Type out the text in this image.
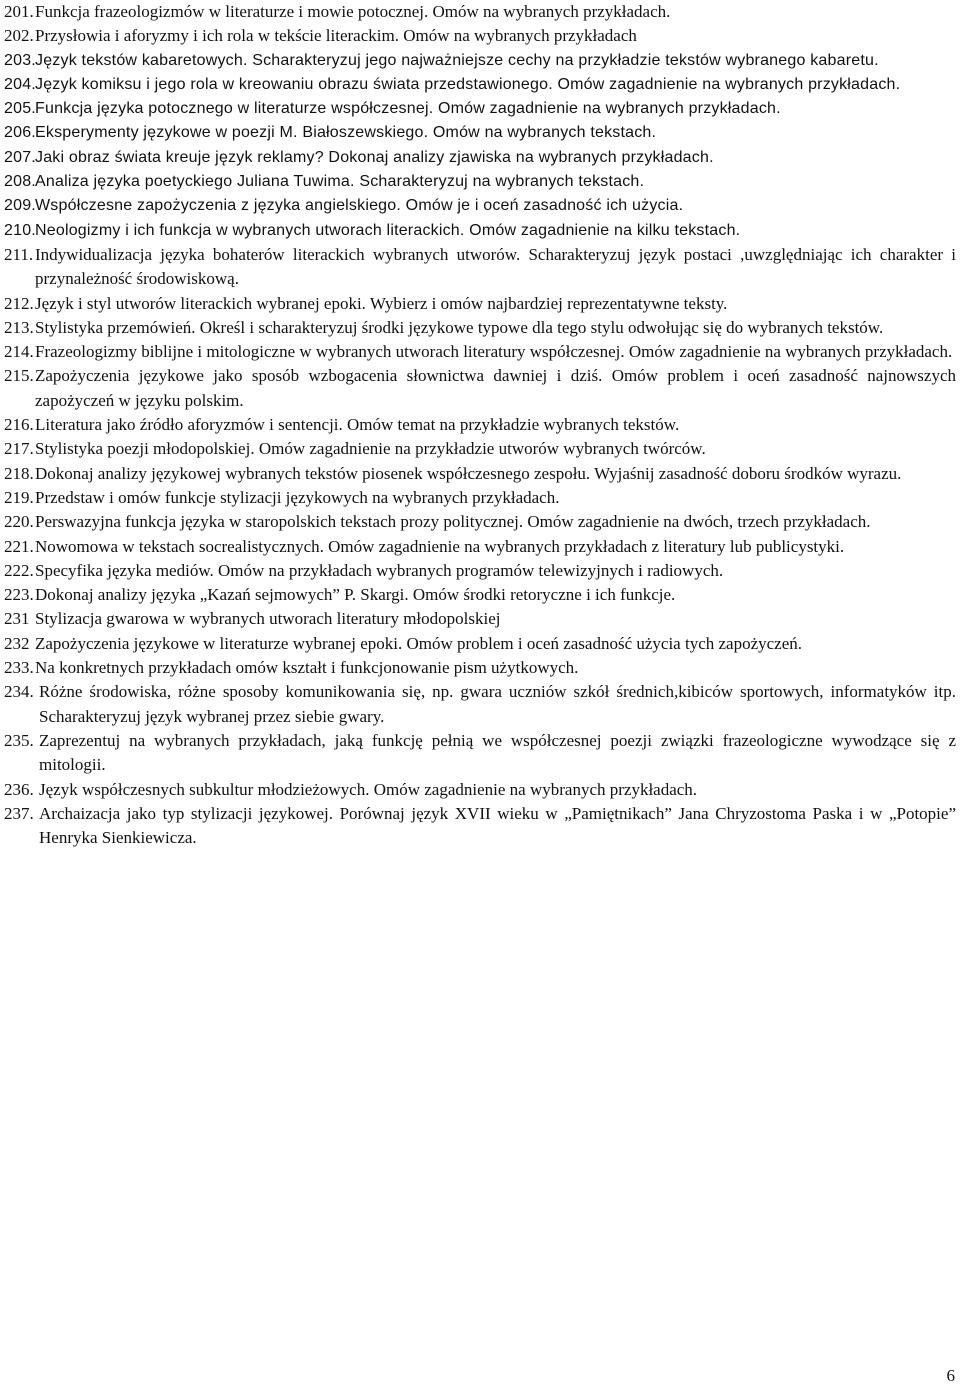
201.Funkcja frazeologizmów w literaturze i mowie potocznej. Omów na wybranych przykładach.
202.Przysłowia i aforyzmy i ich rola w tekście literackim. Omów na wybranych przykładach
203.Język tekstów kabaretowych. Scharakteryzuj jego najważniejsze cechy na przykładzie tekstów wybranego kabaretu.
204.Język komiksu i jego rola w kreowaniu obrazu świata przedstawionego. Omów zagadnienie na wybranych przykładach.
205.Funkcja języka potocznego w literaturze współczesnej. Omów zagadnienie na wybranych przykładach.
206.Eksperymenty językowe w poezji M. Białoszewskiego. Omów na wybranych tekstach.
207.Jaki obraz świata kreuje język reklamy? Dokonaj analizy zjawiska na wybranych przykładach.
208.Analiza języka poetyckiego Juliana Tuwima. Scharakteryzuj na wybranych tekstach.
209.Współczesne zapożyczenia z języka angielskiego. Omów je i oceń zasadność ich użycia.
210.Neologizmy i ich funkcja w wybranych utworach literackich. Omów zagadnienie na kilku tekstach.
211. Indywidualizacja języka bohaterów literackich wybranych utworów. Scharakteryzuj język postaci ,uwzględniając ich charakter i przynależność środowiskową.
212.Język i styl utworów literackich wybranej epoki. Wybierz i omów najbardziej reprezentatywne teksty.
213.Stylistyka przemówień. Określ i scharakteryzuj środki językowe typowe dla tego stylu odwołując się do wybranych tekstów.
214.Frazeologizmy biblijne i mitologiczne w wybranych utworach literatury współczesnej. Omów zagadnienie na wybranych przykładach.
215.Zapożyczenia językowe jako sposób wzbogacenia słownictwa dawniej i dziś. Omów problem i oceń zasadność najnowszych zapożyczeń w języku polskim.
216.Literatura jako źródło aforyzmów i sentencji. Omów temat na przykładzie wybranych tekstów.
217.Stylistyka poezji młodopolskiej. Omów zagadnienie na przykładzie utworów wybranych twórców.
218.Dokonaj analizy językowej wybranych tekstów piosenek współczesnego zespołu. Wyjaśnij zasadność doboru środków wyrazu.
219.Przedstaw i omów funkcje stylizacji językowych na wybranych przykładach.
220.Perswazyjna funkcja języka w staropolskich tekstach prozy politycznej. Omów zagadnienie na dwóch, trzech przykładach.
221.Nowomowa w tekstach socrealistycznych. Omów zagadnienie na wybranych przykładach z literatury lub publicystyki.
222.Specyfika języka mediów. Omów na przykładach wybranych programów telewizyjnych i radiowych.
223.Dokonaj analizy języka „Kazań sejmowych” P. Skargi. Omów środki retoryczne i ich funkcje.
231 Stylizacja gwarowa w wybranych utworach literatury młodopolskiej
232 Zapożyczenia językowe w literaturze wybranej epoki. Omów problem i oceń zasadność użycia tych zapożyczeń.
233.Na konkretnych przykładach omów kształt i funkcjonowanie pism użytkowych.
234. Różne środowiska, różne sposoby komunikowania się, np. gwara uczniów szkół średnich,kibiców sportowych, informatyków itp. Scharakteryzuj język wybranej przez siebie gwary.
235. Zaprezentuj na wybranych przykładach, jaką funkcję pełnią we współczesnej poezji związki frazeologiczne wywodzące się z mitologii.
236. Język współczesnych subkultur młodzieżowych. Omów zagadnienie na wybranych przykładach.
237. Archaizacja jako typ stylizacji językowej. Porównaj język XVII wieku w „Pamiętnikach” Jana Chryzostoma Paska i w „Potopie” Henryka Sienkiewicza.
6
